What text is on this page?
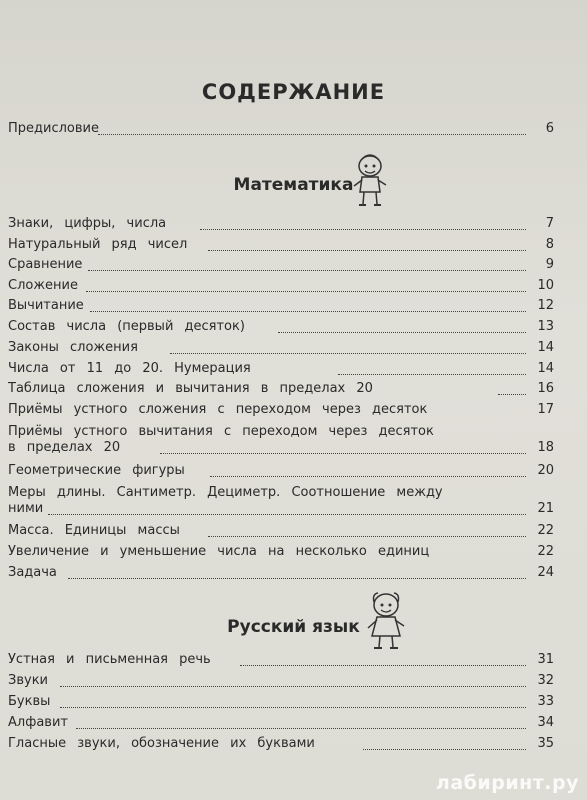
СОДЕРЖАНИЕ
Предисловие	6
Математика
Знаки, цифры, числа	7
Натуральный ряд чисел	8
Сравнение	9
Сложение	10
Вычитание	12
Состав числа (первый десяток)	13
Законы сложения	14
Числа от 11 до 20. Нумерация	14
Таблица сложения и вычитания в пределах 20	16
Приёмы устного сложения с переходом через десяток	17
Приёмы устного вычитания с переходом через десяток
в пределах 20	18
Геометрические фигуры	20
Меры длины. Сантиметр. Дециметр. Соотношение между
ними	21
Масса. Единицы массы	22
Увеличение и уменьшение числа на несколько единиц	22
Задача	24
Русский язык
Устная и письменная речь	31
Звуки	32
Буквы	33
Алфавит	34
Гласные звуки, обозначение их буквами	35
лабиринт.ру
